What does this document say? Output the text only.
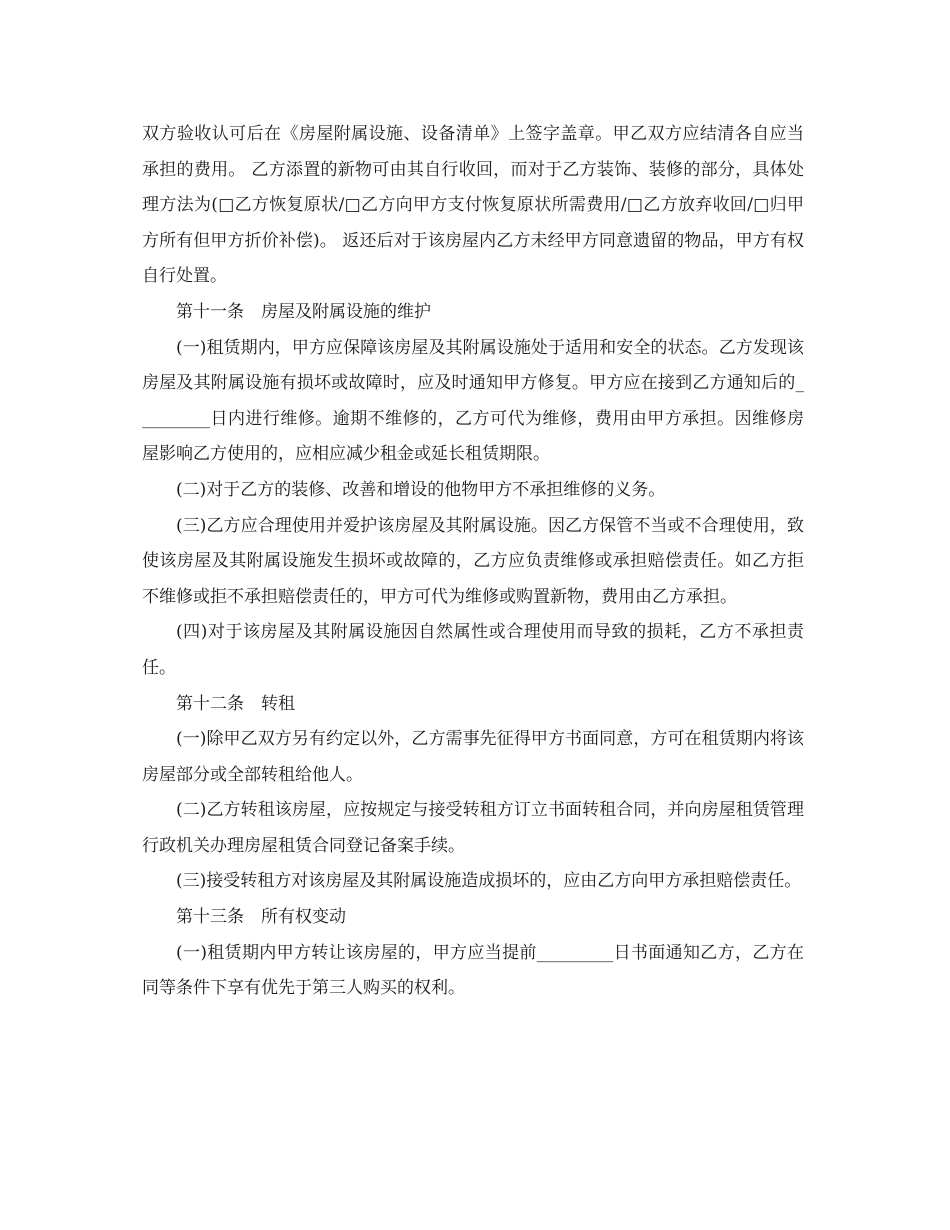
双方验收认可后在《房屋附属设施、设备清单》上签字盖章。甲乙双方应结清各自应当承担的费用。 乙方添置的新物可由其自行收回，而对于乙方装饰、装修的部分，具体处理方法为(□乙方恢复原状/□乙方向甲方支付恢复原状所需费用/□乙方放弃收回/□归甲方所有但甲方折价补偿)。 返还后对于该房屋内乙方未经甲方同意遗留的物品，甲方有权自行处置。

第十一条　房屋及附属设施的维护

(一)租赁期内，甲方应保障该房屋及其附属设施处于适用和安全的状态。乙方发现该房屋及其附属设施有损坏或故障时，应及时通知甲方修复。甲方应在接到乙方通知后的_________日内进行维修。逾期不维修的，乙方可代为维修，费用由甲方承担。因维修房屋影响乙方使用的，应相应减少租金或延长租赁期限。

(二)对于乙方的装修、改善和增设的他物甲方不承担维修的义务。

(三)乙方应合理使用并爱护该房屋及其附属设施。因乙方保管不当或不合理使用，致使该房屋及其附属设施发生损坏或故障的，乙方应负责维修或承担赔偿责任。如乙方拒不维修或拒不承担赔偿责任的，甲方可代为维修或购置新物，费用由乙方承担。

(四)对于该房屋及其附属设施因自然属性或合理使用而导致的损耗，乙方不承担责任。

第十二条　转租

(一)除甲乙双方另有约定以外，乙方需事先征得甲方书面同意，方可在租赁期内将该房屋部分或全部转租给他人。

(二)乙方转租该房屋，应按规定与接受转租方订立书面转租合同，并向房屋租赁管理行政机关办理房屋租赁合同登记备案手续。

(三)接受转租方对该房屋及其附属设施造成损坏的，应由乙方向甲方承担赔偿责任。

第十三条　所有权变动

(一)租赁期内甲方转让该房屋的，甲方应当提前_________日书面通知乙方，乙方在同等条件下享有优先于第三人购买的权利。
